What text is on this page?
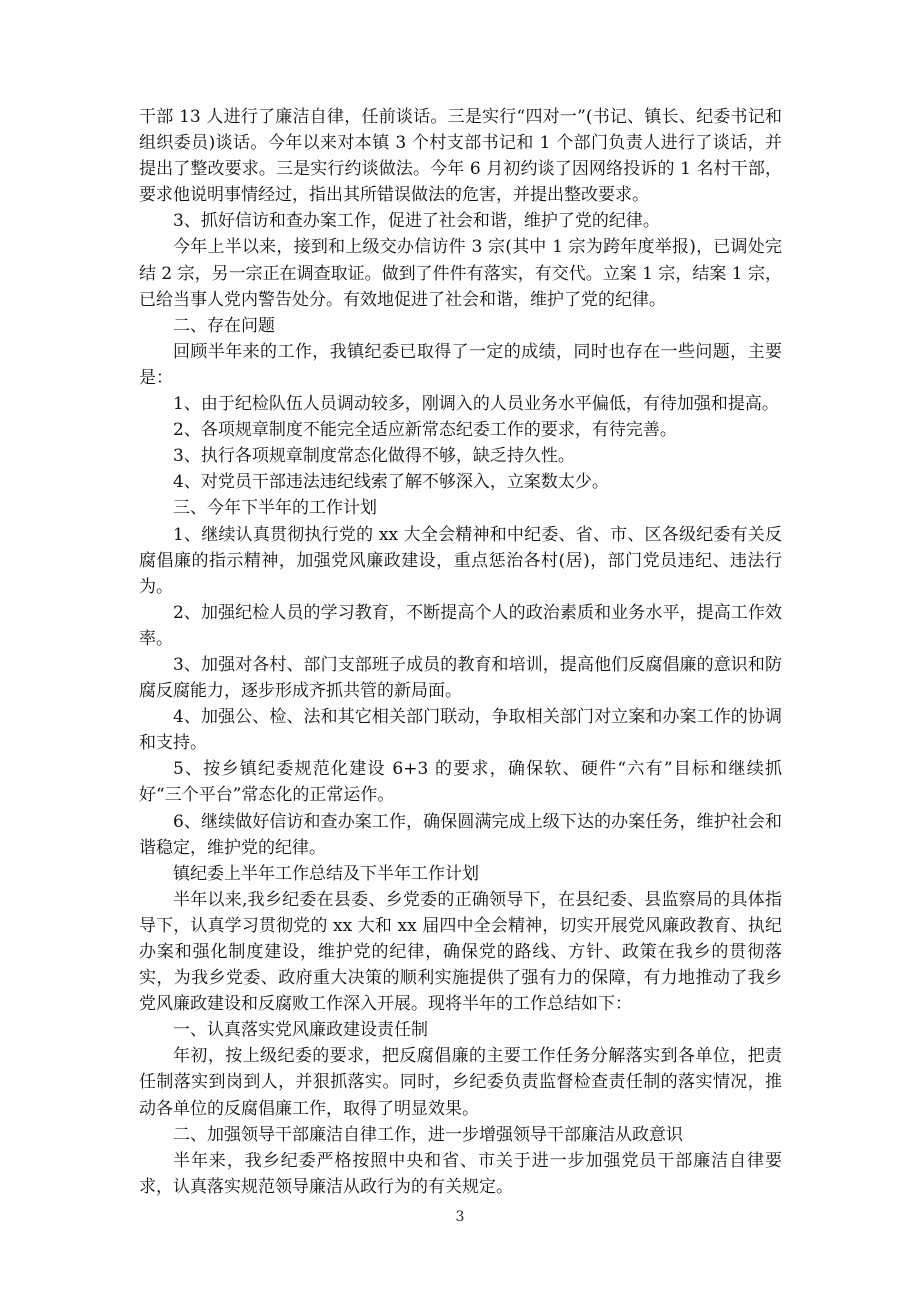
干部 13 人进行了廉洁自律，任前谈话。三是实行“四对一”(书记、镇长、纪委书记和组织委员)谈话。今年以来对本镇 3 个村支部书记和 1 个部门负责人进行了谈话，并提出了整改要求。三是实行约谈做法。今年 6 月初约谈了因网络投诉的 1 名村干部，要求他说明事情经过，指出其所错误做法的危害，并提出整改要求。

3、抓好信访和查办案工作，促进了社会和谐，维护了党的纪律。

今年上半以来，接到和上级交办信访件 3 宗(其中 1 宗为跨年度举报)，已调处完结 2 宗，另一宗正在调查取证。做到了件件有落实，有交代。立案 1 宗，结案 1 宗，已给当事人党内警告处分。有效地促进了社会和谐，维护了党的纪律。

二、存在问题

回顾半年来的工作，我镇纪委已取得了一定的成绩，同时也存在一些问题，主要是：

1、由于纪检队伍人员调动较多，刚调入的人员业务水平偏低，有待加强和提高。

2、各项规章制度不能完全适应新常态纪委工作的要求，有待完善。

3、执行各项规章制度常态化做得不够，缺乏持久性。

4、对党员干部违法违纪线索了解不够深入，立案数太少。

三、今年下半年的工作计划

1、继续认真贯彻执行党的 xx 大全会精神和中纪委、省、市、区各级纪委有关反腐倡廉的指示精神，加强党风廉政建设，重点惩治各村(居)，部门党员违纪、违法行为。

2、加强纪检人员的学习教育，不断提高个人的政治素质和业务水平，提高工作效率。

3、加强对各村、部门支部班子成员的教育和培训，提高他们反腐倡廉的意识和防腐反腐能力，逐步形成齐抓共管的新局面。

4、加强公、检、法和其它相关部门联动，争取相关部门对立案和办案工作的协调和支持。

5、按乡镇纪委规范化建设 6+3 的要求，确保软、硬件“六有”目标和继续抓好“三个平台”常态化的正常运作。

6、继续做好信访和查办案工作，确保圆满完成上级下达的办案任务，维护社会和谐稳定，维护党的纪律。

镇纪委上半年工作总结及下半年工作计划

半年以来,我乡纪委在县委、乡党委的正确领导下，在县纪委、县监察局的具体指导下，认真学习贯彻党的 xx 大和 xx 届四中全会精神，切实开展党风廉政教育、执纪办案和强化制度建设，维护党的纪律，确保党的路线、方针、政策在我乡的贯彻落实，为我乡党委、政府重大决策的顺利实施提供了强有力的保障，有力地推动了我乡党风廉政建设和反腐败工作深入开展。现将半年的工作总结如下：

一、认真落实党风廉政建设责任制

年初，按上级纪委的要求，把反腐倡廉的主要工作任务分解落实到各单位，把责任制落实到岗到人，并狠抓落实。同时，乡纪委负责监督检查责任制的落实情况，推动各单位的反腐倡廉工作，取得了明显效果。

二、加强领导干部廉洁自律工作，进一步增强领导干部廉洁从政意识

半年来，我乡纪委严格按照中央和省、市关于进一步加强党员干部廉洁自律要求，认真落实规范领导廉洁从政行为的有关规定。

3
